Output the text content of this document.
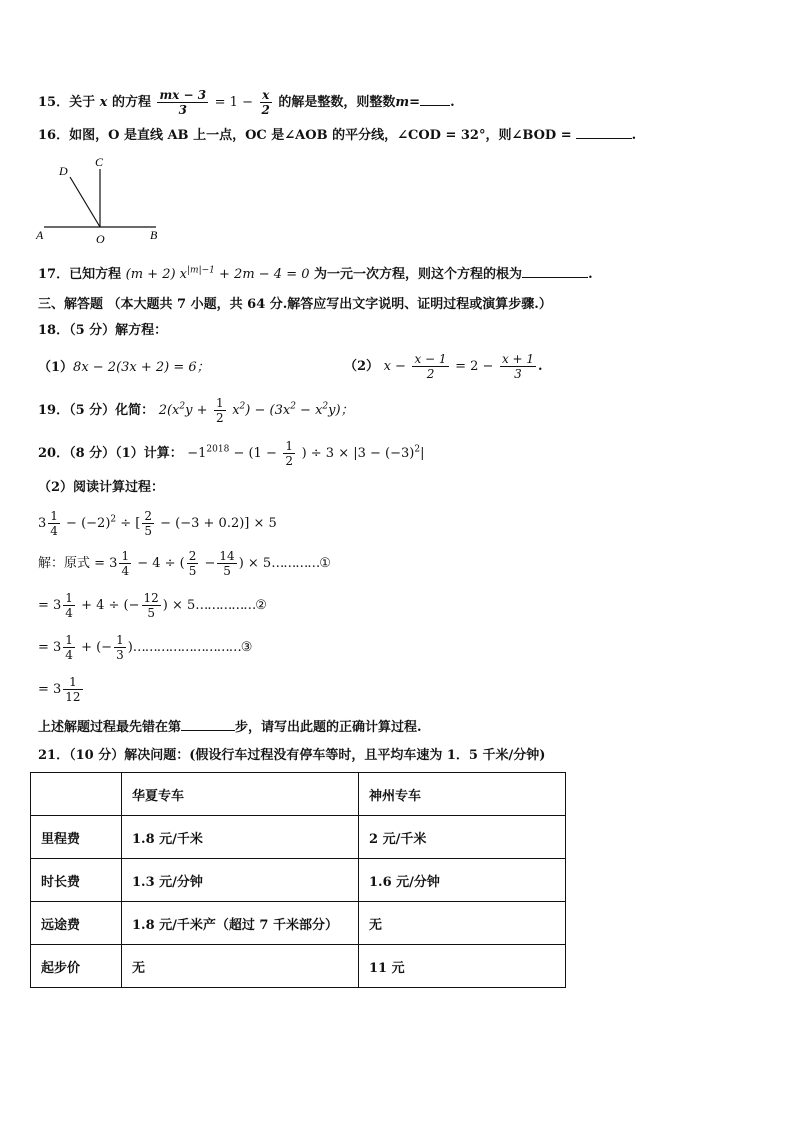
15．关于 x 的方程 $\frac{mx - 3}{3} = 1 - \frac{x}{2}$ 的解是整数，则整数m= .
16．如图，O 是直线 AB 上一点，OC 是∠AOB 的平分线，∠COD = 32°，则∠BOD =	.
A	B
C
D
O
17．已知方程 (m + 2) $x^{|m|-1} + 2m - 4 = 0$ 为一元一次方程，则这个方程的根为	.
三、解答题 （本大题共 7 小题，共 64 分.解答应写出文字说明、证明过程或演算步骤.）
18．（5 分）解方程：
（1）8x − 2(3x + 2) = 6；	（2） $x - \frac{x - 1}{2} = 2 - \frac{x + 1}{3}$ .
19．（5 分）化简： $2(x^2y + \frac{1}{2} x^2) - (3x^2 - x^2y)$；
20．（8 分）（1）计算： $-1^{2018} - (1 - \frac{1}{2}$ ) ÷ $3 \times |3 - (-3)^2|$
（2）阅读计算过程：
$3 \frac{1}{4} - (-2)^2$ ÷ [ $\frac{2}{5} - (-3 + 0.2)] \times 5$
解：原式 = $3 \frac{1}{4} - 4$ ÷ ( $\frac{2}{5} - \frac{14}{5}$ ) × 5…………①
= $3 \frac{1}{4} + 4$ ÷ (− $\frac{12}{5}$ ) × 5……………②
= $3 \frac{1}{4}$ + (− $\frac{1}{3}$ )………………………③
= $3 \frac{1}{12}$
上述解题过程最先错在第	步，请写出此题的正确计算过程.
21．（10 分）解决问题：(假设行车过程没有停车等时，且平均车速为 1．5 千米/分钟)
	华夏专车	神州专车
里程费	1.8 元/千米	2 元/千米
时长费	1.3 元/分钟	1.6 元/分钟
远途费	1.8 元/千米产（超过 7 千米部分）	无
起步价	无	11 元
